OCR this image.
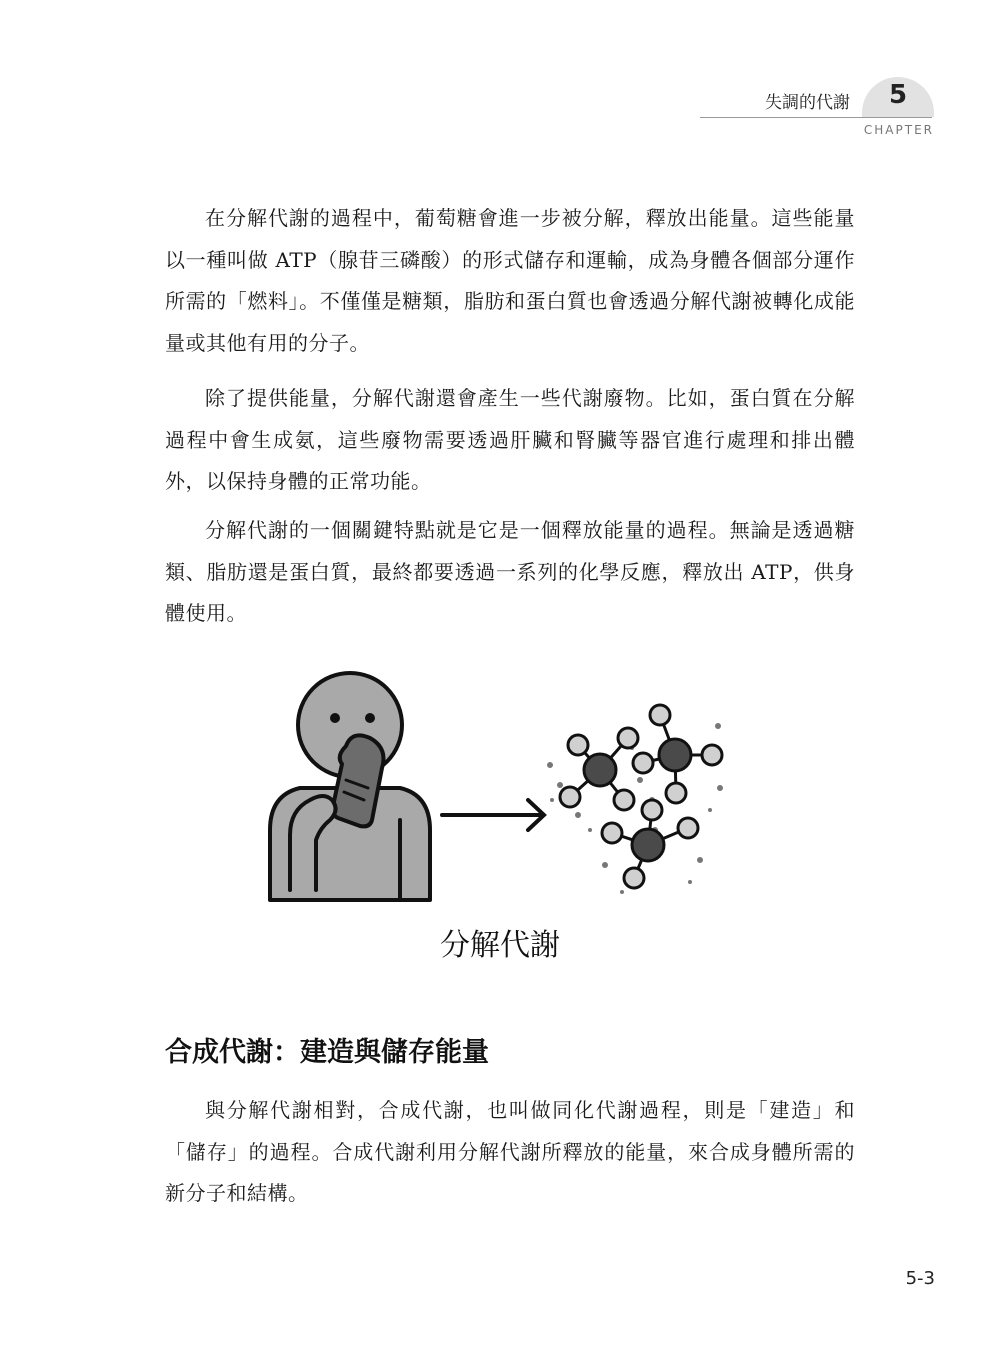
失調的代謝	5
CHAPTER

在分解代謝的過程中，葡萄糖會進一步被分解，釋放出能量。這些能量以一種叫做 ATP（腺苷三磷酸）的形式儲存和運輸，成為身體各個部分運作所需的「燃料」。不僅僅是糖類，脂肪和蛋白質也會透過分解代謝被轉化成能量或其他有用的分子。

除了提供能量，分解代謝還會產生一些代謝廢物。比如，蛋白質在分解過程中會生成氨，這些廢物需要透過肝臟和腎臟等器官進行處理和排出體外，以保持身體的正常功能。

分解代謝的一個關鍵特點就是它是一個釋放能量的過程。無論是透過糖類、脂肪還是蛋白質，最終都要透過一系列的化學反應，釋放出 ATP，供身體使用。

分解代謝
合成代謝：建造與儲存能量

與分解代謝相對，合成代謝，也叫做同化代謝過程，則是「建造」和「儲存」的過程。合成代謝利用分解代謝所釋放的能量，來合成身體所需的新分子和結構。

5-3
